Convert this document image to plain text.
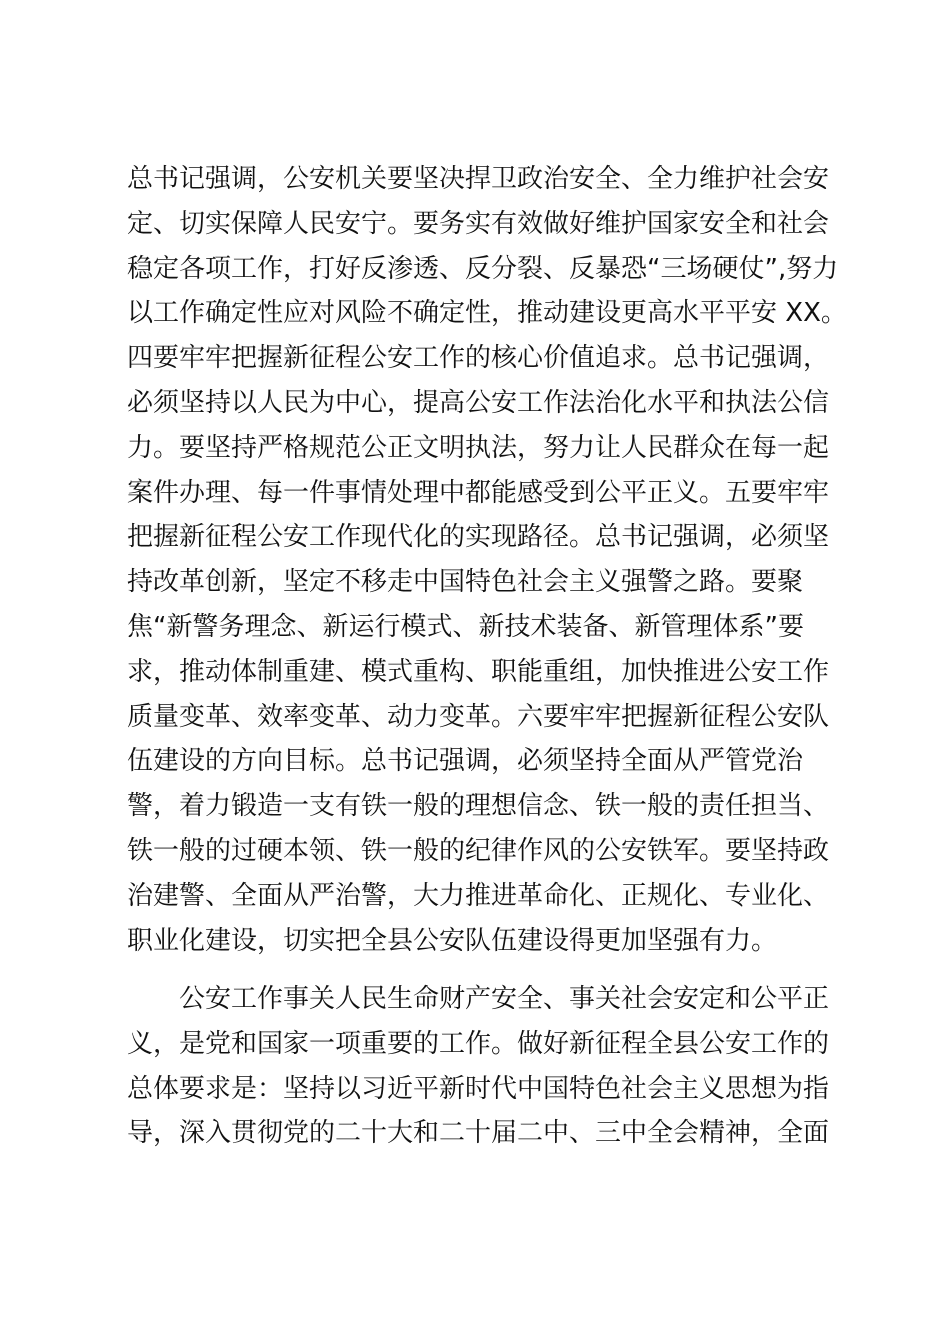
总书记强调，公安机关要坚决捍卫政治安全、全力维护社会安
定、切实保障人民安宁。要务实有效做好维护国家安全和社会
稳定各项工作，打好反渗透、反分裂、反暴恐“三场硬仗”,努力
以工作确定性应对风险不确定性，推动建设更高水平平安 XX。
四要牢牢把握新征程公安工作的核心价值追求。总书记强调，
必须坚持以人民为中心，提高公安工作法治化水平和执法公信
力。要坚持严格规范公正文明执法，努力让人民群众在每一起
案件办理、每一件事情处理中都能感受到公平正义。五要牢牢
把握新征程公安工作现代化的实现路径。总书记强调，必须坚
持改革创新，坚定不移走中国特色社会主义强警之路。要聚
焦“新警务理念、新运行模式、新技术装备、新管理体系”要
求，推动体制重建、模式重构、职能重组，加快推进公安工作
质量变革、效率变革、动力变革。六要牢牢把握新征程公安队
伍建设的方向目标。总书记强调，必须坚持全面从严管党治
警，着力锻造一支有铁一般的理想信念、铁一般的责任担当、
铁一般的过硬本领、铁一般的纪律作风的公安铁军。要坚持政
治建警、全面从严治警，大力推进革命化、正规化、专业化、
职业化建设，切实把全县公安队伍建设得更加坚强有力。
公安工作事关人民生命财产安全、事关社会安定和公平正
义，是党和国家一项重要的工作。做好新征程全县公安工作的
总体要求是：坚持以习近平新时代中国特色社会主义思想为指
导，深入贯彻党的二十大和二十届二中、三中全会精神，全面
